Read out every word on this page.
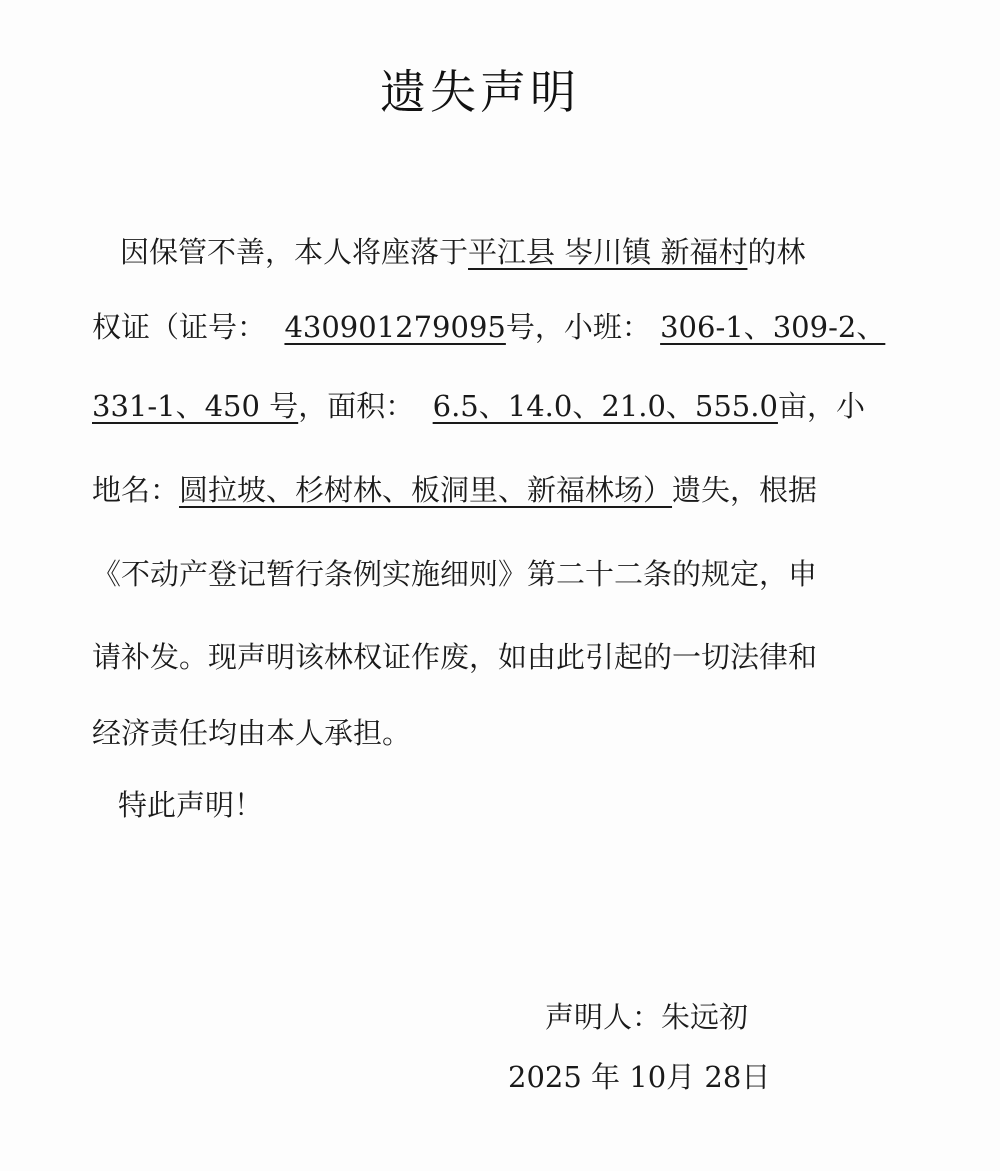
遗失声明
因保管不善，本人将座落于平江县 岑川镇 新福村的林
权证（证号： 430901279095号，小班： 306-1、309-2、
331-1、450 号，面积： 6.5、14.0、21.0、555.0亩，小
地名：圆拉坡、杉树林、板洞里、新福林场）遗失，根据
《不动产登记暂行条例实施细则》第二十二条的规定，申
请补发。现声明该林权证作废，如由此引起的一切法律和
经济责任均由本人承担。
特此声明！
声明人：朱远初
2025 年 10月 28日
